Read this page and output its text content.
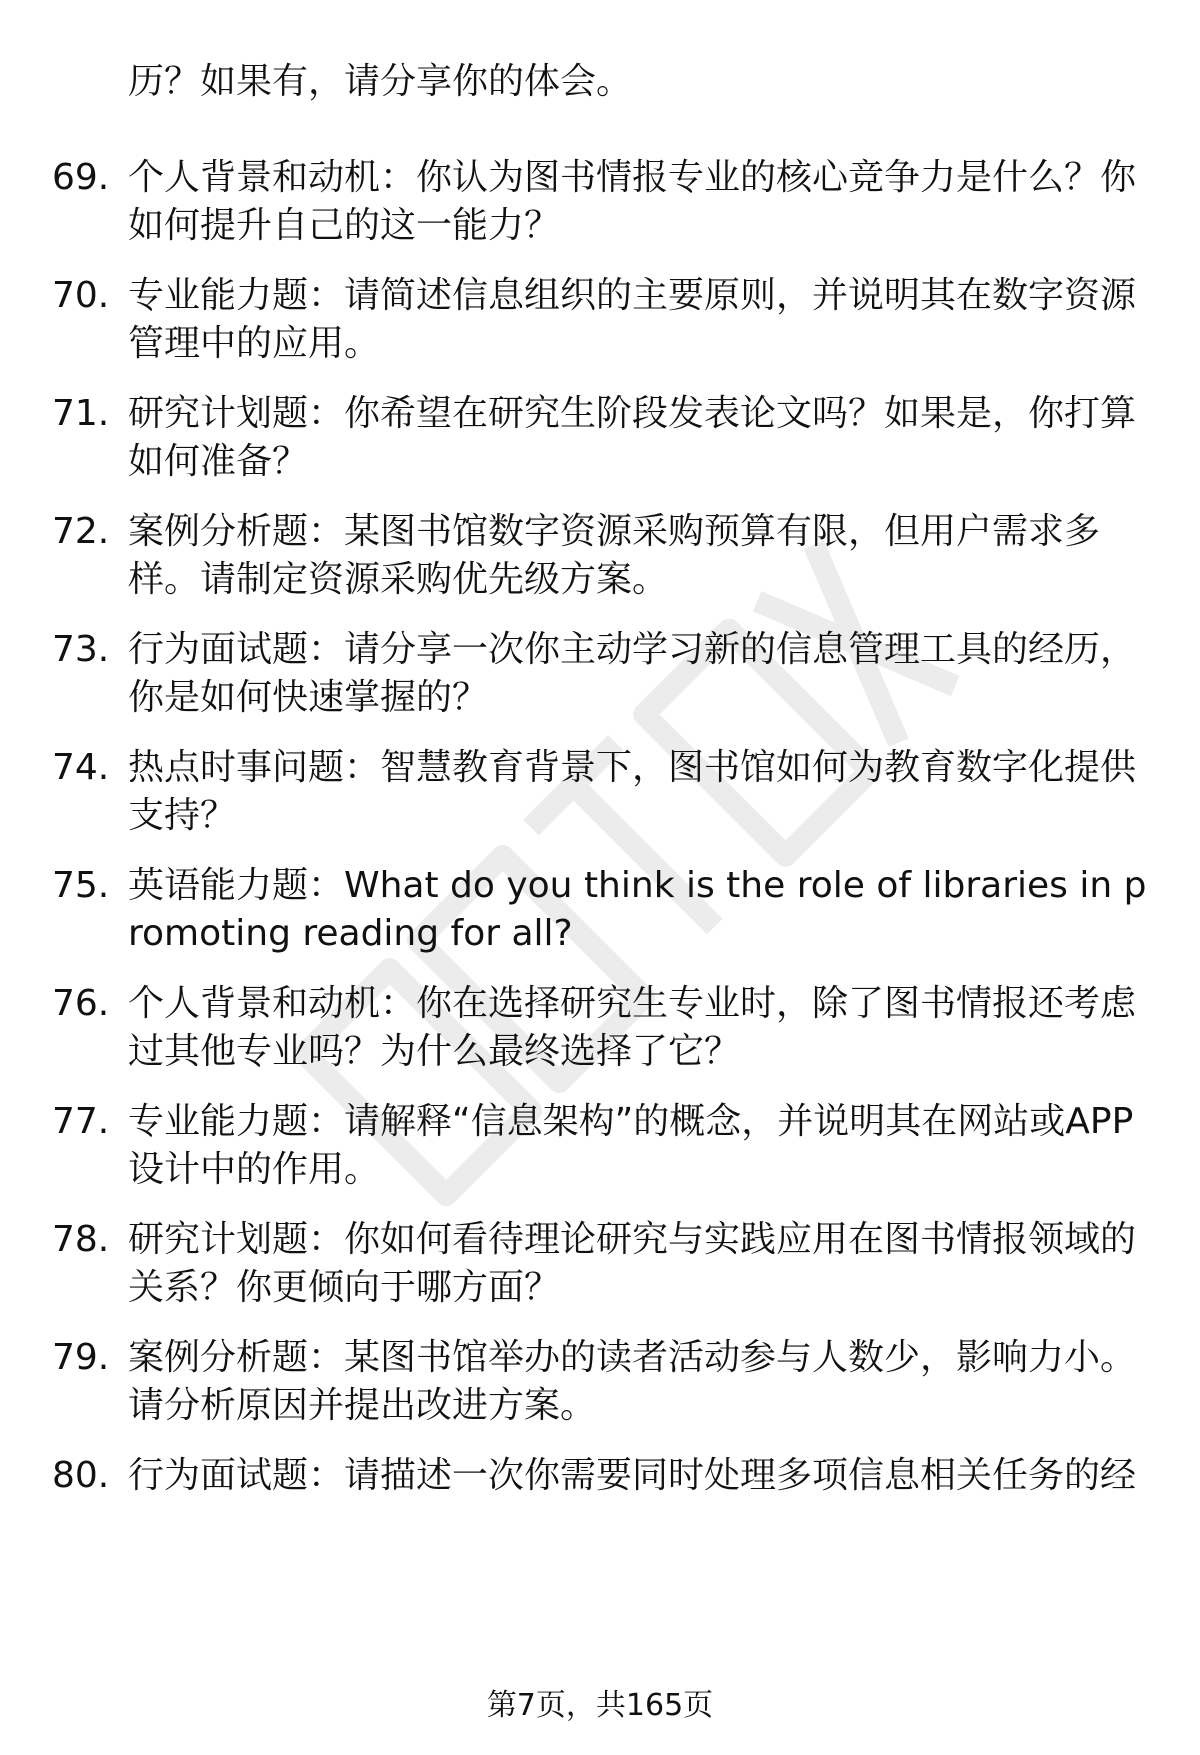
历？如果有，请分享你的体会。
69. 个人背景和动机：你认为图书情报专业的核心竞争力是什么？你如何提升自己的这一能力？
70. 专业能力题：请简述信息组织的主要原则，并说明其在数字资源管理中的应用。
71. 研究计划题：你希望在研究生阶段发表论文吗？如果是，你打算如何准备？
72. 案例分析题：某图书馆数字资源采购预算有限，但用户需求多样。请制定资源采购优先级方案。
73. 行为面试题：请分享一次你主动学习新的信息管理工具的经历，你是如何快速掌握的？
74. 热点时事问题：智慧教育背景下，图书馆如何为教育数字化提供支持？
75. 英语能力题：What do you think is the role of libraries in promoting reading for all?
76. 个人背景和动机：你在选择研究生专业时，除了图书情报还考虑过其他专业吗？为什么最终选择了它？
77. 专业能力题：请解释“信息架构”的概念，并说明其在网站或APP设计中的作用。
78. 研究计划题：你如何看待理论研究与实践应用在图书情报领域的关系？你更倾向于哪方面？
79. 案例分析题：某图书馆举办的读者活动参与人数少，影响力小。请分析原因并提出改进方案。
80. 行为面试题：请描述一次你需要同时处理多项信息相关任务的经
第7页，共165页
